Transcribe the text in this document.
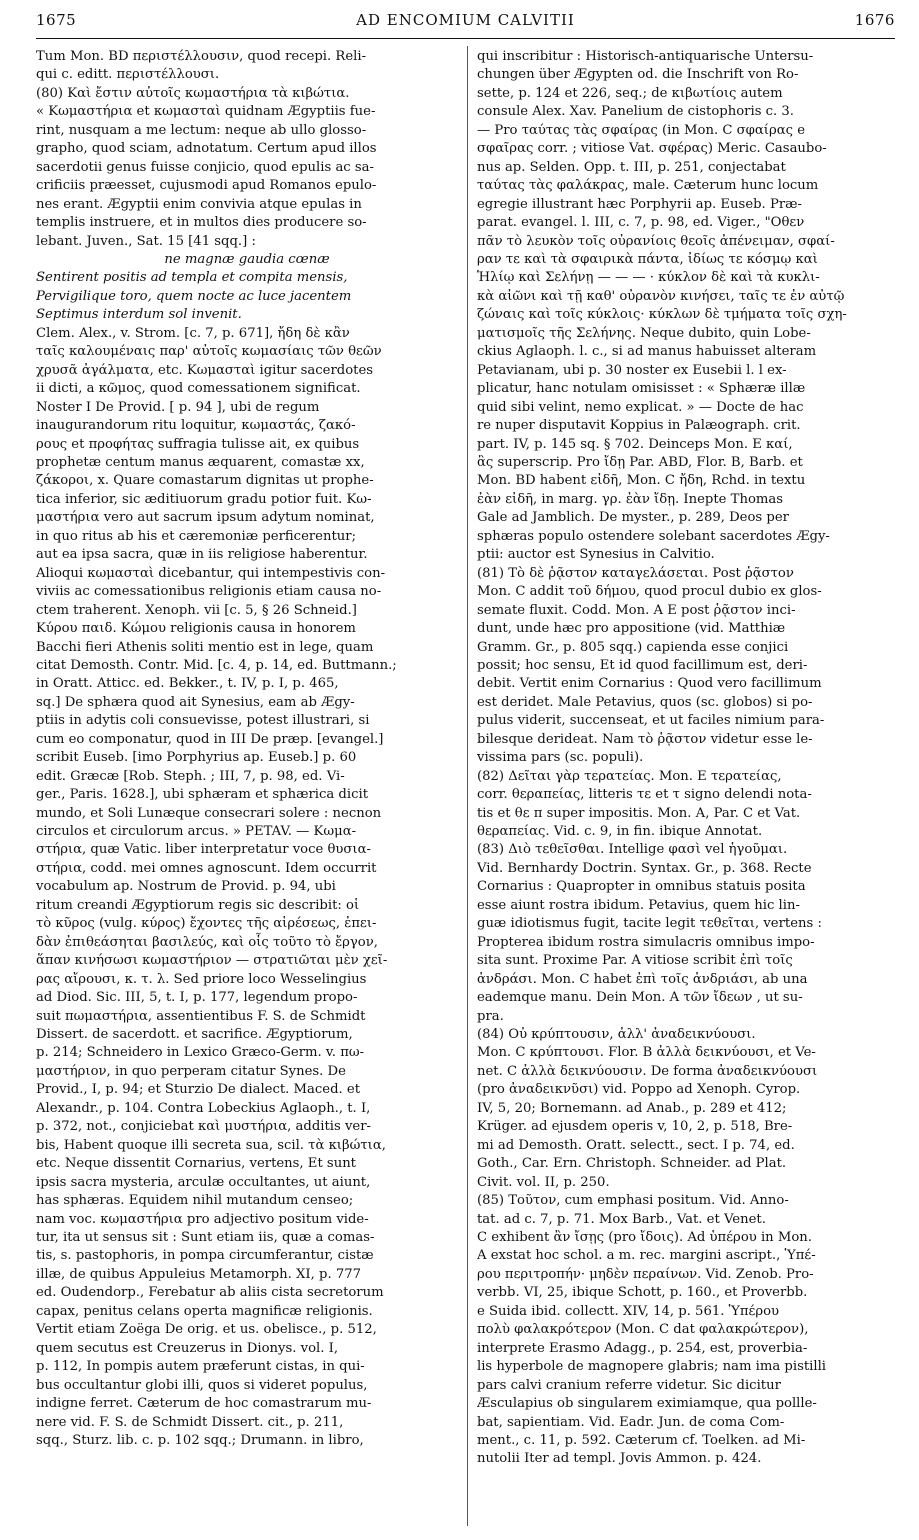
1675	AD ENCOMIUM CALVITII	1676

Tum Mon. BD περιστέλλουσιν, quod recepi. Reli-

qui c. editt. περιστέλλουσι.

(80) Καὶ ἔστιν αὐτοῖς κωμαστήρια τὰ κιβώτια.

« Κωμαστήρια et κωμασταὶ quidnam Ægyptiis fue-

rint, nusquam a me lectum: neque ab ullo glosso-

grapho, quod sciam, adnotatum. Certum apud illos

sacerdotii genus fuisse conjicio, quod epulis ac sa-

crificiis præesset, cujusmodi apud Romanos epulo-

nes erant. Ægyptii enim convivia atque epulas in

templis instruere, et in multos dies producere so-

lebant. Juven., Sat. 15 [41 sqq.] :

ne magnæ gaudia cœnæ

Sentirent positis ad templa et compita mensis,

Pervigilique toro, quem nocte ac luce jacentem

Septimus interdum sol invenit.

Clem. Alex., v. Strom. [c. 7, p. 671], ἤδη δὲ κἂν

ταῖς καλουμέναις παρ' αὐτοῖς κωμασίαις τῶν θεῶν

χρυσᾶ ἀγάλματα, etc. Κωμασταὶ igitur sacerdotes

ii dicti, a κῶμος, quod comessationem significat.

Noster I De Provid. [ p. 94 ], ubi de regum

inaugurandorum ritu loquitur, κωμαστάς, ζακό-

ρους et προφήτας suffragia tulisse ait, ex quibus

prophetæ centum manus æquarent, comastæ xx,

ζάκοροι, x. Quare comastarum dignitas ut prophe-

tica inferior, sic æditiuorum gradu potior fuit. Κω-

μαστήρια vero aut sacrum ipsum adytum nominat,

in quo ritus ab his et cæremoniæ perficerentur;

aut ea ipsa sacra, quæ in iis religiose haberentur.

Alioqui κωμασταὶ dicebantur, qui intempestivis con-

viviis ac comessationibus religionis etiam causa no-

ctem traherent. Xenoph. vii [c. 5, § 26 Schneid.]

Κύρου παιδ. Κώμου religionis causa in honorem

Bacchi fieri Athenis soliti mentio est in lege, quam

citat Demosth. Contr. Mid. [c. 4, p. 14, ed. Buttmann.;

in Oratt. Atticc. ed. Bekker., t. IV, p. I, p. 465,

sq.] De sphæra quod ait Synesius, eam ab Ægy-

ptiis in adytis coli consuevisse, potest illustrari, si

cum eo componatur, quod in III De præp. [evangel.]

scribit Euseb. [imo Porphyrius ap. Euseb.] p. 60

edit. Græcæ [Rob. Steph. ; III, 7, p. 98, ed. Vi-

ger., Paris. 1628.], ubi sphæram et sphærica dicit

mundo, et Soli Lunæque consecrari solere : necnon

circulos et circulorum arcus. » PETAV. — Κωμα-

στήρια, quæ Vatic. liber interpretatur voce θυσια-

στήρια, codd. mei omnes agnoscunt. Idem occurrit

vocabulum ap. Nostrum de Provid. p. 94, ubi

ritum creandi Ægyptiorum regis sic describit: οἱ

τὸ κῦρος (vulg. κύρος) ἔχοντες τῆς αἱρέσεως, ἐπει-

δὰν ἐπιθεάσηται βασιλεύς, καὶ οἷς τοῦτο τὸ ἔργον,

ἅπαν κινήσωσι κωμαστήριον — στρατιῶται μὲν χεῖ-

ρας αἴρουσι, κ. τ. λ. Sed priore loco Wesselingius

ad Diod. Sic. III, 5, t. I, p. 177, legendum propo-

suit πωμαστήρια, assentientibus F. S. de Schmidt

Dissert. de sacerdott. et sacrifice. Ægyptiorum,

p. 214; Schneidero in Lexico Græco-Germ. v. πω-

μαστήριον, in quo perperam citatur Synes. De

Provid., I, p. 94; et Sturzio De dialect. Maced. et

Alexandr., p. 104. Contra Lobeckius Aglaoph., t. I,

p. 372, not., conjiciebat καὶ μυστήρια, additis ver-

bis, Habent quoque illi secreta sua, scil. τὰ κιβώτια,

etc. Neque dissentit Cornarius, vertens, Et sunt

ipsis sacra mysteria, arculæ occultantes, ut aiunt,

has sphæras. Equidem nihil mutandum censeo;

nam voc. κωμαστήρια pro adjectivo positum vide-

tur, ita ut sensus sit : Sunt etiam iis, quæ a comas-

tis, s. pastophoris, in pompa circumferantur, cistæ

illæ, de quibus Appuleius Metamorph. XI, p. 777

ed. Oudendorp., Ferebatur ab aliis cista secretorum

capax, penitus celans operta magnificæ religionis.

Vertit etiam Zoëga De orig. et us. obelisce., p. 512,

quem secutus est Creuzerus in Dionys. vol. I,

p. 112, In pompis autem præferunt cistas, in qui-

bus occultantur globi illi, quos si videret populus,

indigne ferret. Cæterum de hoc comastrarum mu-

nere vid. F. S. de Schmidt Dissert. cit., p. 211,

sqq., Sturz. lib. c. p. 102 sqq.; Drumann. in libro,

qui inscribitur : Historisch-antiquarische Untersu-

chungen über Ægypten od. die Inschrift von Ro-

sette, p. 124 et 226, seq.; de κιβωτίοις autem

consule Alex. Xav. Panelium de cistophoris c. 3.

— Pro ταύτας τὰς σφαίρας (in Mon. C σφαίρας e

σφαῖρας corr. ; vitiose Vat. σφέρας) Meric. Casaubo-

nus ap. Selden. Opp. t. III, p. 251, conjectabat

ταύτας τὰς φαλάκρας, male. Cæterum hunc locum

egregie illustrant hæc Porphyrii ap. Euseb. Præ-

parat. evangel. l. III, c. 7, p. 98, ed. Viger., "Οθεν

πᾶν τὸ λευκὸν τοῖς οὐρανίοις θεοῖς ἀπένειμαν, σφαί-

ραν τε καὶ τὰ σφαιρικὰ πάντα, ἰδίως τε κόσμῳ καὶ

Ἡλίῳ καὶ Σελήνῃ — — — · κύκλον δὲ καὶ τὰ κυκλι-

κὰ αἰῶνι καὶ τῇ καθ' οὐρανὸν κινήσει, ταῖς τε ἐν αὐτῷ

ζώναις καὶ τοῖς κύκλοις· κύκλων δὲ τμήματα τοῖς σχη-

ματισμοῖς τῆς Σελήνης. Neque dubito, quin Lobe-

ckius Aglaoph. l. c., si ad manus habuisset alteram

Petavianam, ubi p. 30 noster ex Eusebii l. l ex-

plicatur, hanc notulam omisisset : « Sphæræ illæ

quid sibi velint, nemo explicat. » — Docte de hac

re nuper disputavit Koppius in Palæograph. crit.

part. IV, p. 145 sq. § 702. Deinceps Mon. E καί,

ἃς superscrip. Pro ἴδῃ Par. ABD, Flor. B, Barb. et

Mon. BD habent εἰδῆ, Mon. C ἤδη, Rchd. in textu

ἐὰν εἰδῆ, in marg. γρ. ἐὰν ἴδῃ. Inepte Thomas

Gale ad Jamblich. De myster., p. 289, Deos per

sphæras populo ostendere solebant sacerdotes Ægy-

ptii: auctor est Synesius in Calvitio.

(81) Τὸ δὲ ῥᾷστον καταγελάσεται. Post ῥᾷστον

Mon. C addit τοῦ δήμου, quod procul dubio ex glos-

semate fluxit. Codd. Mon. A E post ῥᾷστον inci-

dunt, unde hæc pro appositione (vid. Matthiæ

Gramm. Gr., p. 805 sqq.) capienda esse conjici

possit; hoc sensu, Et id quod facillimum est, deri-

debit. Vertit enim Cornarius : Quod vero facillimum

est deridet. Male Petavius, quos (sc. globos) si po-

pulus viderit, succenseat, et ut faciles nimium para-

bilesque derideat. Nam τὸ ῥᾷστον videtur esse le-

vissima pars (sc. populi).

(82) Δεῖται γὰρ τερατείας. Mon. E τερατείας,

corr. θεραπείας, litteris τε et τ signo delendi nota-

tis et θε π super impositis. Mon. A, Par. C et Vat.

θεραπείας. Vid. c. 9, in fin. ibique Annotat.

(83) Διὸ τεθεῖσθαι. Intellige φασὶ vel ἡγοῦμαι.

Vid. Bernhardy Doctrin. Syntax. Gr., p. 368. Recte

Cornarius : Quapropter in omnibus statuis posita

esse aiunt rostra ibidum. Petavius, quem hic lin-

guæ idiotismus fugit, tacite legit τεθεῖται, vertens :

Propterea ibidum rostra simulacris omnibus impo-

sita sunt. Proxime Par. A vitiose scribit ἐπὶ τοῖς

ἀνδράσι. Mon. C habet ἐπὶ τοῖς ἀνδριάσι, ab una

eademque manu. Dein Mon. A τῶν ἴδεων , ut su-

pra.

(84) Οὐ κρύπτουσιν, ἀλλ' ἀναδεικνύουσι.

Mon. C κρύπτουσι. Flor. B ἀλλὰ δεικνύουσι, et Ve-

net. C ἀλλὰ δεικνύουσιν. De forma ἀναδεικνύουσι

(pro ἀναδεικνῦσι) vid. Poppo ad Xenoph. Cyrop.

IV, 5, 20; Bornemann. ad Anab., p. 289 et 412;

Krüger. ad ejusdem operis v, 10, 2, p. 518, Bre-

mi ad Demosth. Oratt. selectt., sect. I p. 74, ed.

Goth., Car. Ern. Christoph. Schneider. ad Plat.

Civit. vol. II, p. 250.

(85) Τοῦτον, cum emphasi positum. Vid. Anno-

tat. ad c. 7, p. 71. Mox Barb., Vat. et Venet.

C exhibent ἂν ἴσῃς (pro ἴδοις). Ad ὑπέρου in Mon.

A exstat hoc schol. a m. rec. margini ascript., Ὑπέ-

ρου περιτροπήν· μηδὲν περαίνων. Vid. Zenob. Pro-

verbb. VI, 25, ibique Schott, p. 160., et Proverbb.

e Suida ibid. collectt. XIV, 14, p. 561. Ὑπέρου

πολὺ φαλακρότερον (Mon. C dat φαλακρώτερον),

interprete Erasmo Adagg., p. 254, est, proverbia-

lis hyperbole de magnopere glabris; nam ima pistilli

pars calvi cranium referre videtur. Sic dicitur

Æsculapius ob singularem eximiamque, qua pollle-

bat, sapientiam. Vid. Eadr. Jun. de coma Com-

ment., c. 11, p. 592. Cæterum cf. Toelken. ad Mi-

nutolii Iter ad templ. Jovis Ammon. p. 424.
